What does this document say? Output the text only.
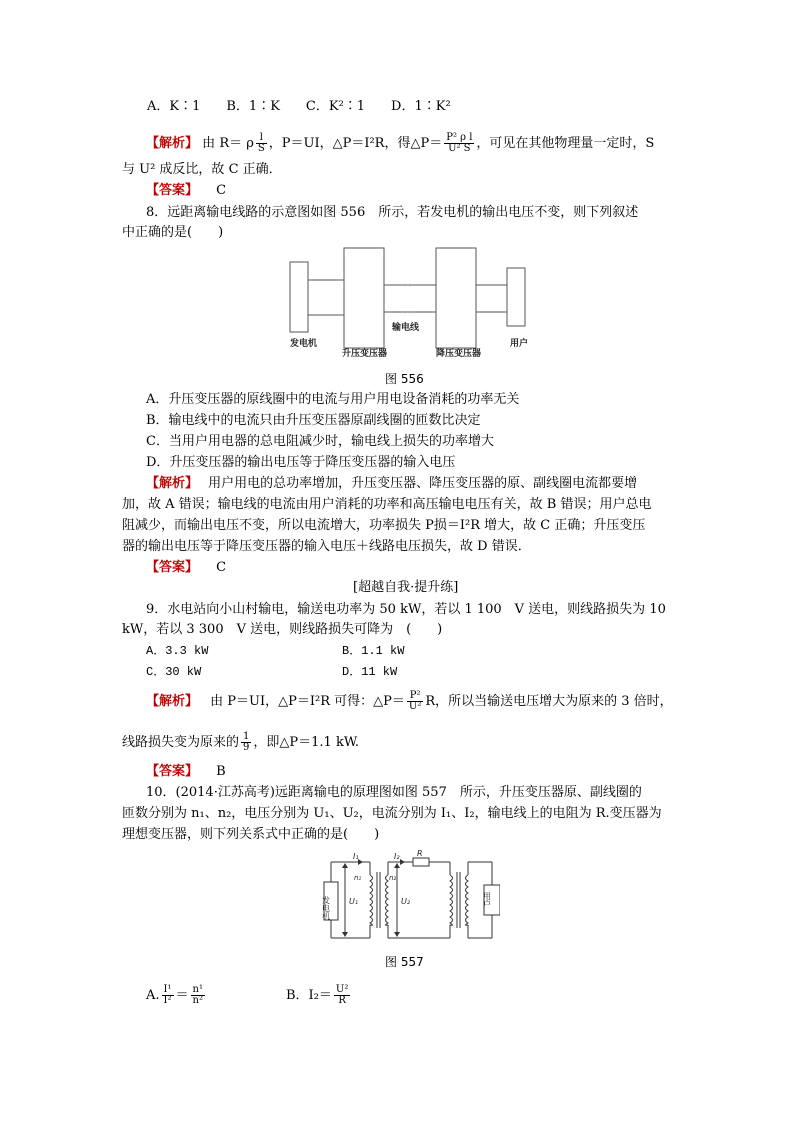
A．K∶1　　B．1∶K　　C．K²∶1　　D．1∶K²
【解析】 由 R＝ ρ $\frac{l}{S}$ ，P＝UI，△P＝I²R，得△P＝ $\frac{\text{P² ρ l}}{\text{U² S}}$ ，可见在其他物理量一定时，S
与 U² 成反比，故 C 正确．
【答案】 C
8．远距离输电线路的示意图如图 556　所示，若发电机的输出电压不变，则下列叙述
中正确的是(　　)
发电机
升压变压器
输电线
降压变压器
用户
图 556
A．升压变压器的原线圈中的电流与用户用电设备消耗的功率无关
B．输电线中的电流只由升压变压器原副线圈的匝数比决定
C．当用户用电器的总电阻减少时，输电线上损失的功率增大
D．升压变压器的输出电压等于降压变压器的输入电压
【解析】 用户用电的总功率增加，升压变压器、降压变压器的原、副线圈电流都要增
加，故 A 错误；输电线的电流由用户消耗的功率和高压输电电压有关，故 B 错误；用户总电
阻减少，而输出电压不变，所以电流增大，功率损失 P损＝I²R 增大，故 C 正确；升压变压
器的输出电压等于降压变压器的输入电压＋线路电压损失，故 D 错误．
【答案】 C
[超越自我·提升练]
9．水电站向小山村输电，输送电功率为 50 kW，若以 1 100　V 送电，则线路损失为 10
kW，若以 3 300　V 送电，则线路损失可降为　(　　)
A．3.3 kW	B．1.1 kW
C．30 kW	D．11 kW
【解析】 由 P＝UI，△P＝I²R 可得：△P＝ $\frac{\text{P²}}{\text{U²}}$ R，所以当输送电压增大为原来的 3 倍时，
线路损失变为原来的 $\frac{1}{9}$ ，即△P＝1.1 kW.
【答案】 B
10．(2014·江苏高考)远距离输电的原理图如图 557　所示，升压变压器原、副线圈的
匝数分别为 n₁、n₂，电压分别为 U₁、U₂，电流分别为 I₁、I₂，输电线上的电阻为 R.变压器为
理想变压器，则下列关系式中正确的是(　　)
发电机	用户
I₁	I₂ R
n₁	n₂
U₁	U₂
图 557
A. $\frac{\text{I¹}}{\text{I²}} = \frac{\text{n¹}}{\text{n²}}$	B．$I_2= \frac{\text{U²}}{R}$
